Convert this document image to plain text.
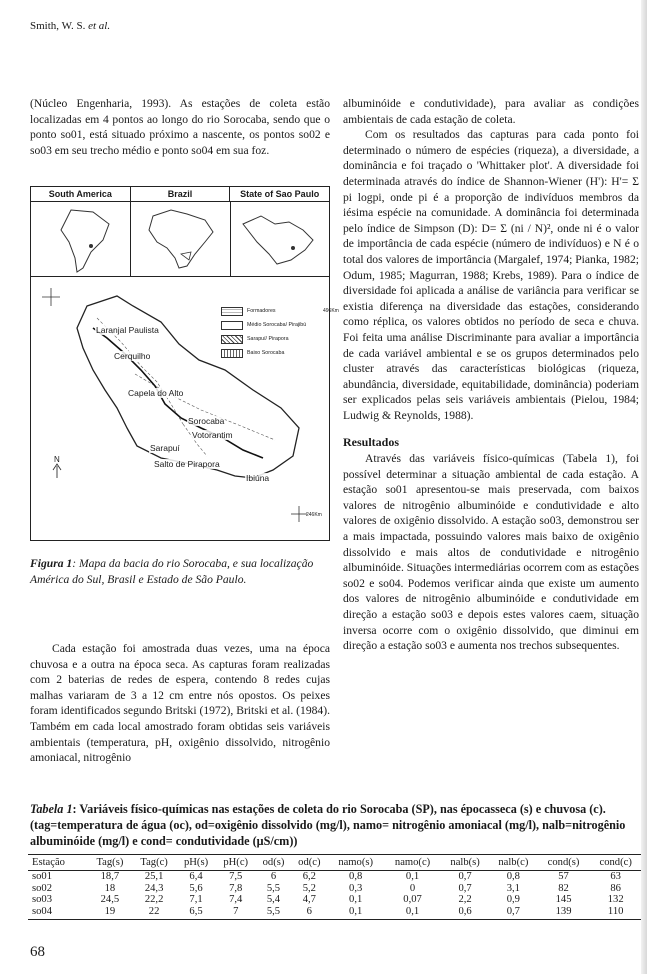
Smith, W. S. et al.

(Núcleo Engenharia, 1993). As estações de coleta estão localizadas em 4 pontos ao longo do rio Sorocaba, sendo que o ponto so01, está situado próximo a nascente, os pontos so02 e so03 em seu trecho médio e ponto so04 em sua foz.

South America	Brazil	State of Sao Paulo
496Km
246Km
N
Formadores
Médio Sorocaba/ Pirajibú
Sarapuí/ Pirapora
Baixo Sorocaba
Laranjal Paulista
Cerquilho
Capela do Alto
Sorocaba
Votorantim
Sarapuí
Salto de Pirapora
Ibiúna
Figura 1: Mapa da bacia do rio Sorocaba, e sua localização América do Sul, Brasil e Estado de São Paulo.

Cada estação foi amostrada duas vezes, uma na época chuvosa e a outra na época seca. As capturas foram realizadas com 2 baterias de redes de espera, contendo 8 redes cujas malhas variaram de 3 a 12 cm entre nós opostos. Os peixes foram identificados segundo Britski (1972), Britski et al. (1984). Também em cada local amostrado foram obtidas seis variáveis ambientais (temperatura, pH, oxigênio dissolvido, nitrogênio amoniacal, nitrogênio

albuminóide e condutividade), para avaliar as condições ambientais de cada estação de coleta.

Com os resultados das capturas para cada ponto foi determinado o número de espécies (riqueza), a diversidade, a dominância e foi traçado o 'Whittaker plot'. A diversidade foi determinada através do índice de Shannon-Wiener (H'): H'= Σ pi logpi, onde pi é a proporção de indivíduos membros da iésima espécie na comunidade. A dominância foi determinada pelo índice de Simpson (D): D= Σ (ni / N)², onde ni é o valor de importância de cada espécie (número de indivíduos) e N é o total dos valores de importância (Margalef, 1974; Pianka, 1982; Odum, 1985; Magurran, 1988; Krebs, 1989). Para o índice de diversidade foi aplicada a análise de variância para verificar se existia diferença na diversidade das estações, considerando como réplica, os valores obtidos no período de seca e chuva. Foi feita uma análise Discriminante para avaliar a importância de cada variável ambiental e se os grupos determinados pelo cluster através das características biológicas (riqueza, abundância, diversidade, equitabilidade, dominância) poderiam ser explicados pelas seis variáveis ambientais (Pielou, 1984; Ludwig & Reynolds, 1988).

Resultados

Através das variáveis físico-químicas (Tabela 1), foi possível determinar a situação ambiental de cada estação. A estação so01 apresentou-se mais preservada, com baixos valores de nitrogênio albuminóide e condutividade e alto valores de oxigênio dissolvido. A estação so03, demonstrou ser a mais impactada, possuindo valores mais baixo de oxigênio dissolvido e mais altos de condutividade e nitrogênio albuminóide. Situações intermediárias ocorrem com as estações so02 e so04. Podemos verificar ainda que existe um aumento dos valores de nitrogênio albuminóide e condutividade em direção a estação so03 e depois estes valores caem, situação inversa ocorre com o oxigênio dissolvido, que diminui em direção a estação so03 e aumenta nos trechos subsequentes.

Tabela 1: Variáveis físico-químicas nas estações de coleta do rio Sorocaba (SP), nas épocasseca (s) e chuvosa (c). (tag=temperatura de água (oc), od=oxigênio dissolvido (mg/l), namo= nitrogênio amoniacal (mg/l), nalb=nitrogênio albuminóide (mg/l) e cond= condutividade (μS/cm))
Estação	Tag(s)	Tag(c)	pH(s)	pH(c)	od(s)	od(c)	namo(s)	namo(c)	nalb(s)	nalb(c)	cond(s)	cond(c)
so01	18,7	25,1	6,4	7,5	6	6,2	0,8	0,1	0,7	0,8	57	63
so02	18	24,3	5,6	7,8	5,5	5,2	0,3	0	0,7	3,1	82	86
so03	24,5	22,2	7,1	7,4	5,4	4,7	0,1	0,07	2,2	0,9	145	132
so04	19	22	6,5	7	5,5	6	0,1	0,1	0,6	0,7	139	110
68
